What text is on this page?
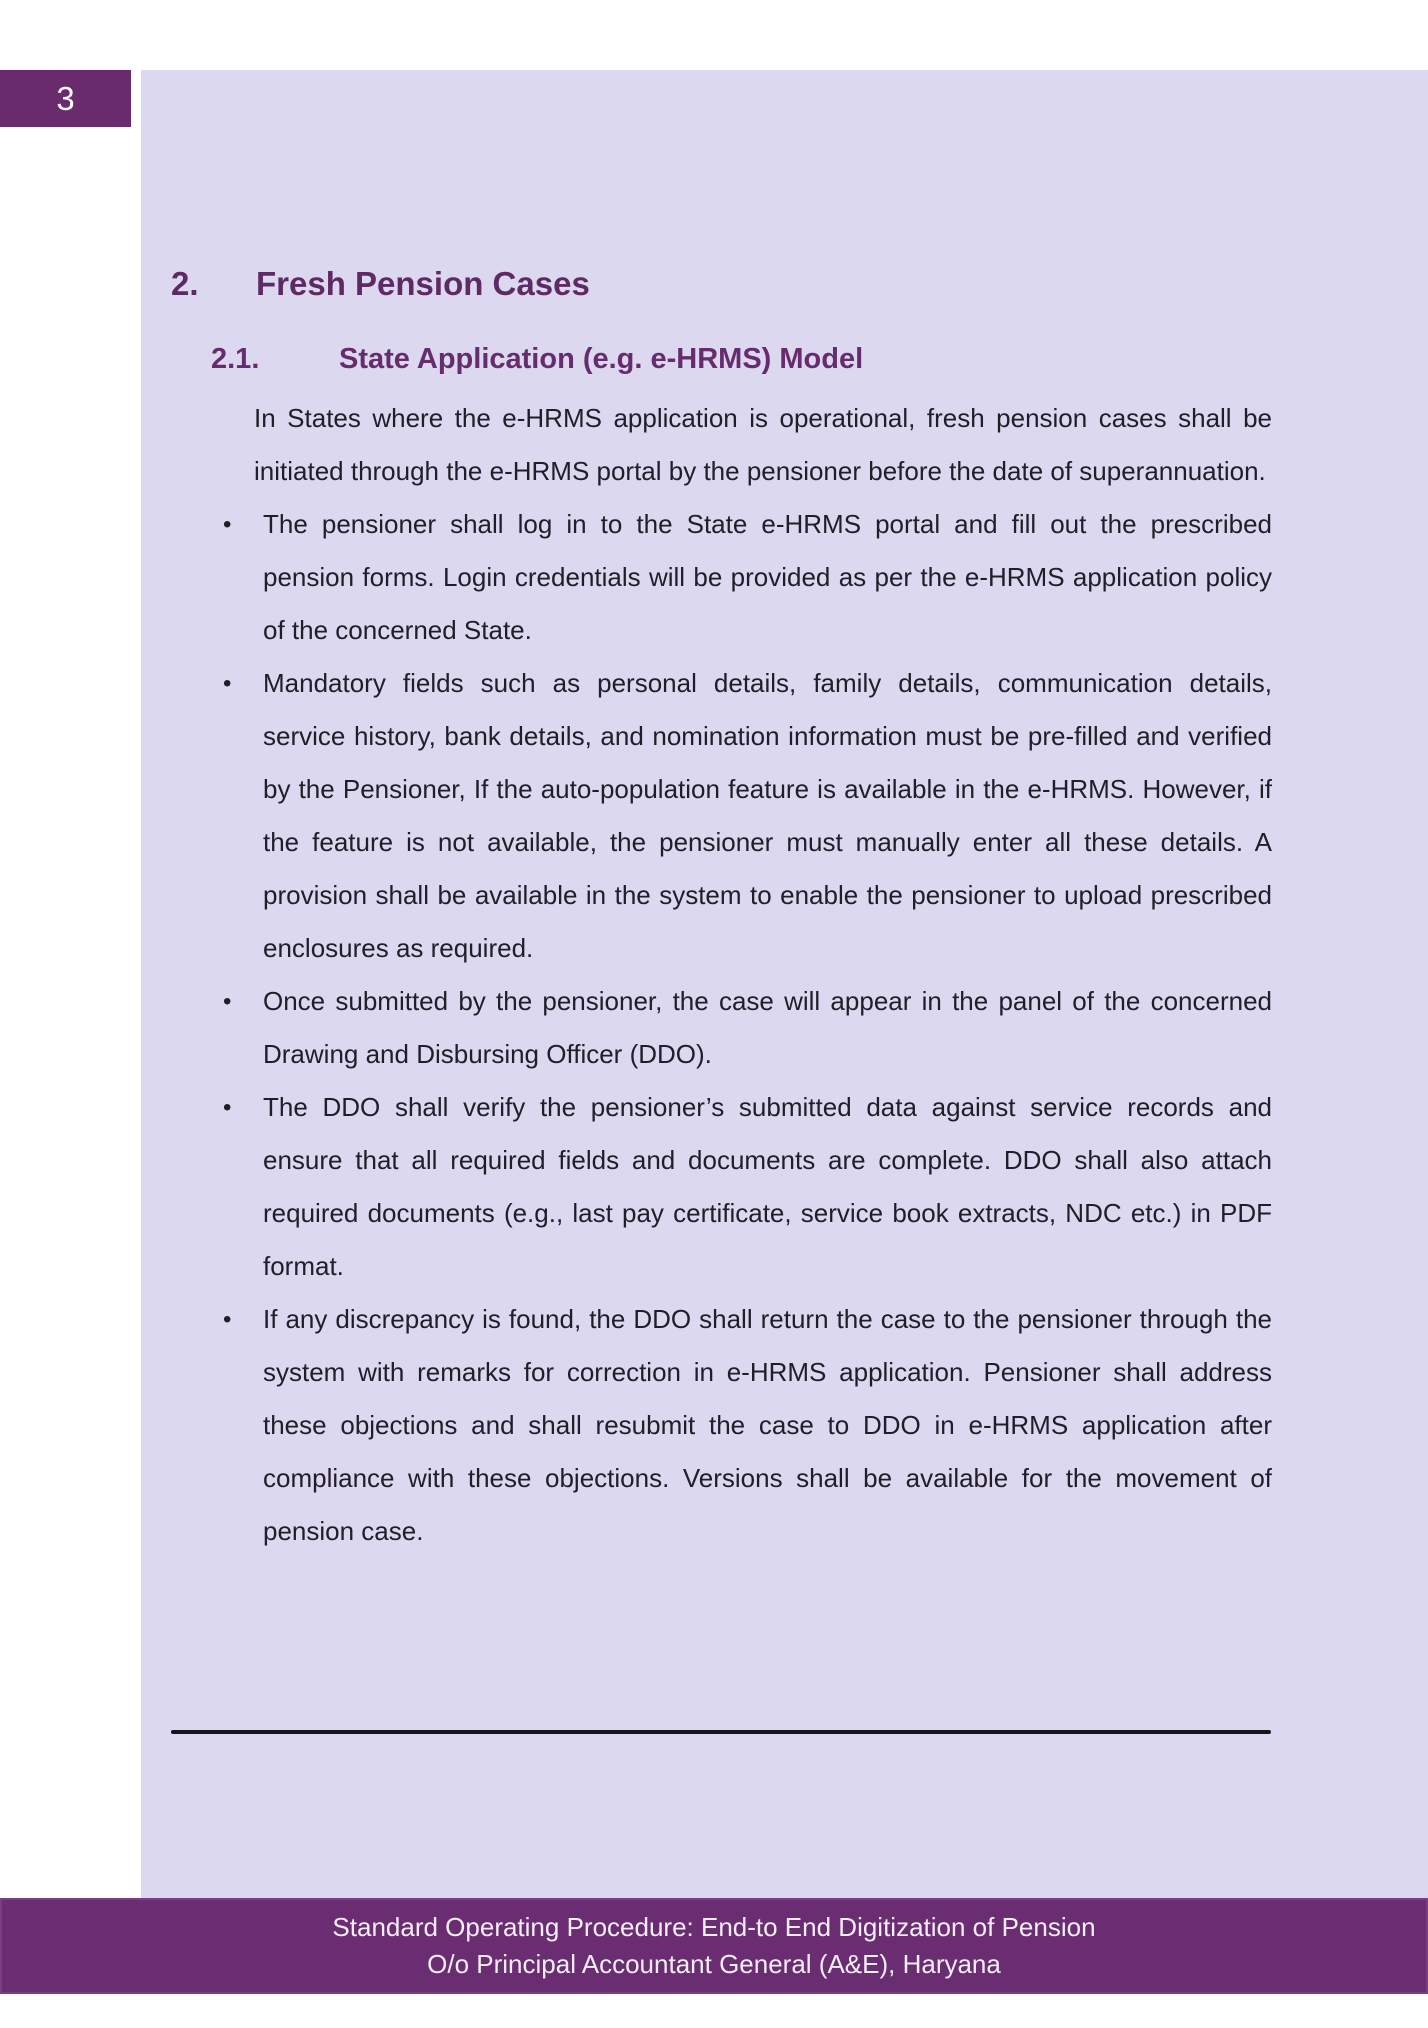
3
2.	Fresh Pension Cases
2.1.	State Application (e.g. e-HRMS) Model

In States where the e-HRMS application is operational, fresh pension cases shall be initiated through the e-HRMS portal by the pensioner before the date of superannuation.

• The pensioner shall log in to the State e-HRMS portal and fill out the prescribed pension forms. Login credentials will be provided as per the e-HRMS application policy of the concerned State.
• Mandatory fields such as personal details, family details, communication details, service history, bank details, and nomination information must be pre-filled and verified by the Pensioner, If the auto-population feature is available in the e-HRMS. However, if the feature is not available, the pensioner must manually enter all these details. A provision shall be available in the system to enable the pensioner to upload prescribed enclosures as required.
• Once submitted by the pensioner, the case will appear in the panel of the concerned Drawing and Disbursing Officer (DDO).
• The DDO shall verify the pensioner’s submitted data against service records and ensure that all required fields and documents are complete. DDO shall also attach required documents (e.g., last pay certificate, service book extracts, NDC etc.) in PDF format.
• If any discrepancy is found, the DDO shall return the case to the pensioner through the system with remarks for correction in e-HRMS application. Pensioner shall address these objections and shall resubmit the case to DDO in e-HRMS application after compliance with these objections. Versions shall be available for the movement of pension case.
Standard Operating Procedure: End-to End Digitization of Pension
O/o Principal Accountant General (A&E), Haryana
